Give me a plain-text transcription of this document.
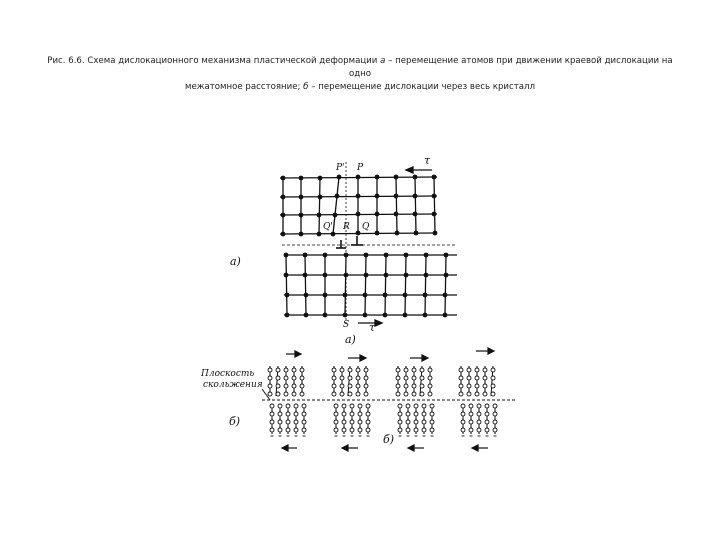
Рис. 6.6. Схема дислокационного механизма пластической деформации а – перемещение атомов при движении краевой дислокации на одно
межатомное расстояние; б – перемещение дислокации через весь кристалл
P' P
τ
Q' R Q
S τ
a)
a)
Плоскость
скольжения
б)
б)
